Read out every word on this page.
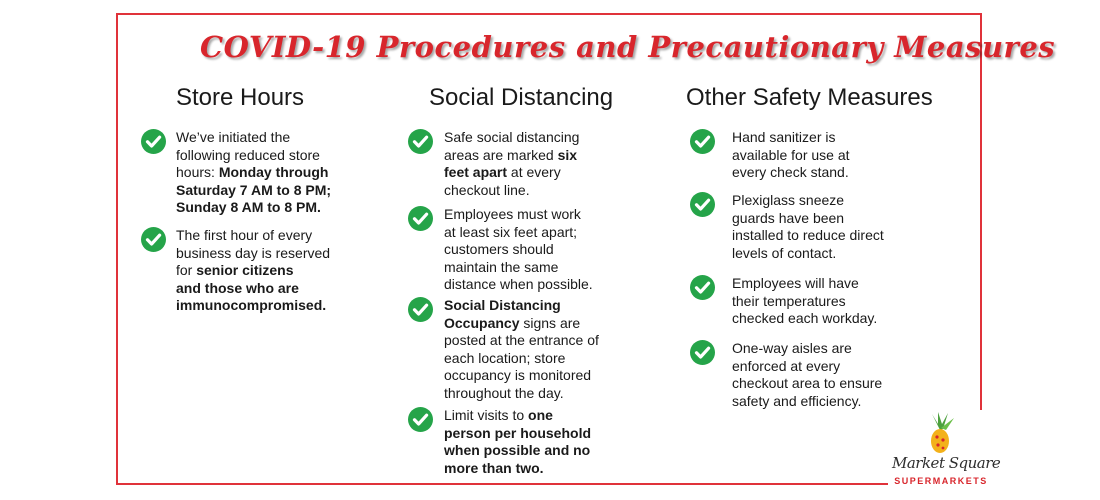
COVID-19 Procedures and Precautionary Measures
Store Hours	Social Distancing	Other Safety Measures
We’ve initiated the
following reduced store
hours: Monday through
Saturday 7 AM to 8 PM;
Sunday 8 AM to 8 PM.
The first hour of every
business day is reserved
for senior citizens
and those who are
immunocompromised.
Safe social distancing
areas are marked six
feet apart at every
checkout line.
Employees must work
at least six feet apart;
customers should
maintain the same
distance when possible.
Social Distancing
Occupancy signs are
posted at the entrance of
each location; store
occupancy is monitored
throughout the day.
Limit visits to one
person per household
when possible and no
more than two.
Hand sanitizer is
available for use at
every check stand.
Plexiglass sneeze
guards have been
installed to reduce direct
levels of contact.
Employees will have
their temperatures
checked each workday.
One-way aisles are
enforced at every
checkout area to ensure
safety and efficiency.
Market Square
SUPERMARKETS
